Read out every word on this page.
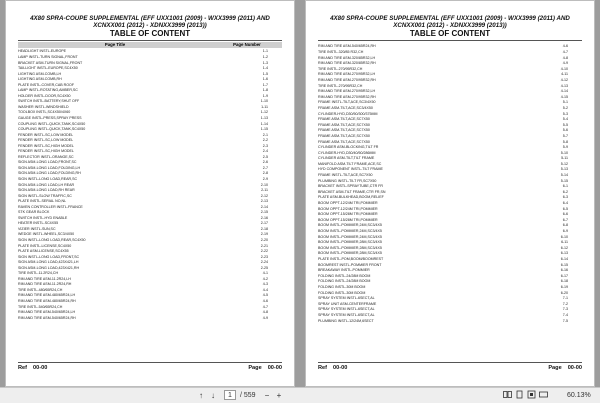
4X80 SPRA-COUPE SUPPLEMENTAL (EFF UXX1001 (2009) - WXX3999 (2011) AND
XCNXX001 (2012) - XDNXX3999 (2013))
TABLE OF CONTENT
Page Title	Page Number
HEADLIGHT INSTL-EUROPE	1-1
LAMP INSTL-TURN SIGNAL,FRONT	1-2
BRACKET ASM-TURN SIGNAL,FRONT	1-3
TAILLIGHT INSTL-EUROPE,SC4X50	1-4
LIGHTING ASM-COMB,LH	1-5
LIGHTING ASM-COMB,RH	1-6
PLATE INSTL-COVER,CAB ROOF	1-7
LAMP INSTL-ROTATING,AMBER,SC	1-8
HOLDER INSTL-DOOR,SC4X50	1-9
SWITCH INSTL-BATTERY,SHUT OFF	1-10
WASHER INSTL-WINDSHIELD	1-11
TOOLBOX INSTL,SC4X50/4X60	1-12
GAUGE INSTL-PRESS,SPRAY PRESS	1-13
COUPLING INSTL-QUICK,TANK,SC4X50	1-14
COUPLING INSTL-QUICK,TANK,SC4X50	1-15
FENDER INSTL-SC,LOW MODEL	2-1
FENDER INSTL-SC,LOW MODEL	2-2
FENDER INSTL-SC,HIGH MODEL	2-3
FENDER INSTL-SC,HIGH MODEL	2-4
REFLECTOR INSTL-ORANGE,SC	2-5
SIGN ASM-LONG LOAD,FRONT,SC	2-6
SIGN ASM-LONG LOAD,FOLDING,LH	2-7
SIGN ASM-LONG LOAD,FOLDING,RH	2-8
SIGN INSTL-LONG LOAD,REAR,SC	2-9
SIGN ASM-LONG LOAD,LH REAR	2-10
SIGN ASM-LONG LOAD,RH REAR	2-11
SIGN INSTL-SLOW TRAFFIC,SC	2-12
PLATE INSTL-SERIAL NO,NL	2-13
RAVEN CONTROLLER INSTL-FRANCE	2-14
STK GEAR BLOCK	2-15
SWITCH INSTL-HYD ENABLE	2-16
HEATER INSTL-SC4X55	2-17
VIZIER INSTL-SUN,SC	2-18
WEDGE INSTL-WHEEL,SC3/4X50	2-19
SIGN INSTL-LONG LOAD,REAR,SC4X50	2-20
PLATE INSTL-LICENSE,SC4X50	2-21
PLATE ASM-LICENSE,SC4X55	2-22
SIGN INSTL-LONG LOAD,FRONT,SC	2-23
SIGN ASM-LONG LOAD,423X421,LH	2-24
SIGN ASM-LONG LOAD,423X421,RH	2-25
TIRE INSTL-11.2R24,CH	4-1
RIM AND TIRE ASM-11.2R24,LH	4-2
RIM AND TIRE ASM-11.2R24,RH	4-3
TIRE INSTL-480/65R24,CH	4-4
RIM AND TIRE ASM-480/65R24,LH	4-5
RIM AND TIRE ASM-480/65R24,RH	4-6
TIRE INSTL-540/65R24,CH	4-7
RIM AND TIRE ASM-540/65R24,LH	4-8
RIM AND TIRE ASM-540/65R24,RH	4-9
Ref 00-00	Page 00-00
4X80 SPRA-COUPE SUPPLEMENTAL (EFF UXX1001 (2009) - WXX3999 (2011) AND
XCNXX001 (2012) - XDNXX3999 (2013))
TABLE OF CONTENT
RIM AND TIRE ASM-540/65R24,RH	4-6
TIRE INSTL-320/85 R32,CH	4-7
RIM AND TIRE ASM-320/85R32,LH	4-8
RIM AND TIRE ASM-320/85R32,RH	4-9
TIRE INSTL-270/95R32,CH	4-10
RIM AND TIRE ASM-270/95R32,LH	4-11
RIM AND TIRE ASM-270/95R32,RH	4-12
TIRE INSTL-270/95R32,CH	4-13
RIM AND TIRE ASM-270/95R32,LH	4-14
RIM AND TIRE ASM-270/95R32,RH	4-15
FRAME INSTL-TILT,ACE,SC3/4X50	5-1
FRAME ASM-TILT,ACE,SC3/4X50	5-2
CYLINDER-HYD,D30/50/300/375MM	5-3
FRAME ASM-TILT,ACE,SC7X50	5-4
FRAME ASM-TILT,ACE,SC7X50	5-5
FRAME ASM-TILT,ACE,SC7X50	5-6
FRAME ASM-TILT,ACE,SC7X50	5-7
FRAME ASM-TILT,ACE,SC7X50	5-8
CYLINDER ASM-BLOCKING,TILT FR	5-9
CYLINDER-HYD,D30/40/50/286MM	5-10
CYLINDER ASM-TILT,TILT FRAME	5-11
MANIFOLD ASM-TILT FRAME,ACE,SC	5-12
HYD COMPONENT INSTL-TILT FRAME	5-13
FRAME INSTL-TILT,ACE,SC7X50	5-14
PLUMBING INSTL-TILT FR,SC7X50	5-15
BRACKET INSTL-SPRAYTUBE,CTR FR	6-1
BRACKET ASM-TILT FRAME,CTR FR,SN	6-2
PLATE ASM-BULKHEAD,BOOM,RELIEF	6-3
BOOM OPPT-12/24M TRI,POMMIER	6-4
BOOM OPPT-12/24M TRI,POMMIER	6-5
BOOM OPPT-15/28M TRI,POMMIER	6-6
BOOM OPPT-15/28M TRI,POMMIER	6-7
BOOM INSTL-POMMIER,24M,SC3/4X5	6-8
BOOM INSTL-POMMIER,24M,SC3/4X5	6-9
BOOM INSTL-POMMIER,24M,SC3/4X5	6-10
BOOM INSTL-POMMIER,28M,SC3/4X5	6-11
BOOM INSTL-POMMIER,28M,SC3/4X5	6-12
BOOM INSTL-POMMIER,28M,SC3/4X5	6-13
PLATE INSTL-POM,BOOM/BOOMREST	6-14
BOOMREST INSTL-POMMIER FRONT	6-15
BREAKAWAY INSTL-POMMIER	6-16
FOLDING INSTL-24/28M BOOM	6-17
FOLDING INSTL-24/28M BOOM	6-18
FOLDING INSTL-30M BOOM	6-19
FOLDING INSTL-30M BOOM	6-20
SPRAY SYSTEM INSTL-6SECT,AL	7-1
SPRAY UNIT ASM-CENTERFRAME	7-2
SPRAY SYSTEM INSTL-6SECT,AL	7-3
SPRAY SYSTEM INSTL-6SECT,AL	7-4
PLUMBING INSTL-12/24M,6SECT	7-5
Ref 00-00	Page 00-00
↑	↓	1	/ 559	− +	60.13%
